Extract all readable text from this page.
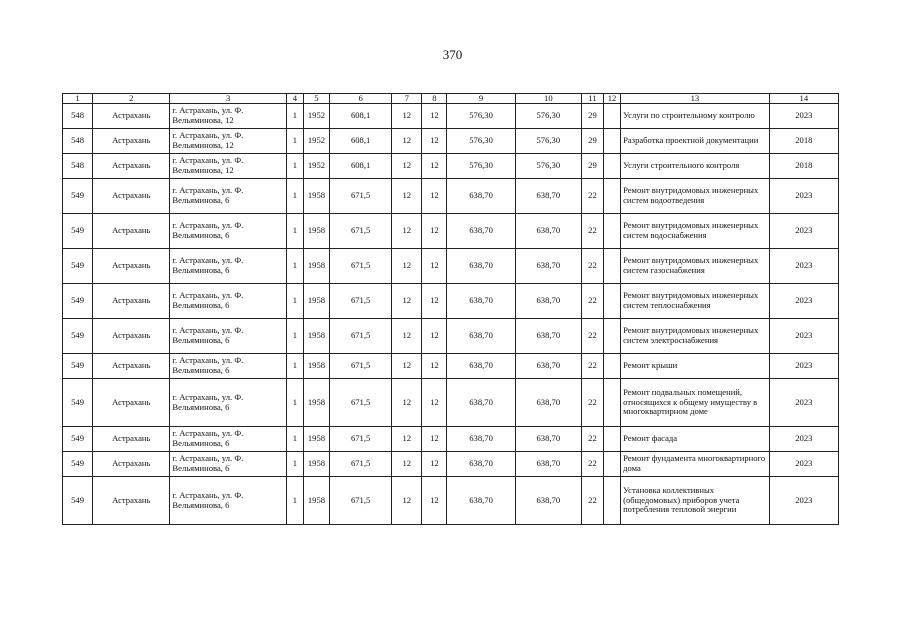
370
1	2	3	4	5	6	7	8	9	10	11	12	13	14
548	Астрахань	г. Астрахань, ул. Ф. Вельяминова, 12	1	1952	608,1	12	12	576,30	576,30	29		Услуги по строительному контролю	2023
548	Астрахань	г. Астрахань, ул. Ф. Вельяминова, 12	1	1952	608,1	12	12	576,30	576,30	29		Разработка проектной документации	2018
548	Астрахань	г. Астрахань, ул. Ф. Вельяминова, 12	1	1952	608,1	12	12	576,30	576,30	29		Услуги строительного контроля	2018
549	Астрахань	г. Астрахань, ул. Ф. Вельяминова, 6	1	1958	671,5	12	12	638,70	638,70	22		Ремонт внутридомовых инженерных систем водоотведения	2023
549	Астрахань	г. Астрахань, ул. Ф. Вельяминова, 6	1	1958	671,5	12	12	638,70	638,70	22		Ремонт внутридомовых инженерных систем водоснабжения	2023
549	Астрахань	г. Астрахань, ул. Ф. Вельяминова, 6	1	1958	671,5	12	12	638,70	638,70	22		Ремонт внутридомовых инженерных систем газоснабжения	2023
549	Астрахань	г. Астрахань, ул. Ф. Вельяминова, 6	1	1958	671,5	12	12	638,70	638,70	22		Ремонт внутридомовых инженерных систем теплоснабжения	2023
549	Астрахань	г. Астрахань, ул. Ф. Вельяминова, 6	1	1958	671,5	12	12	638,70	638,70	22		Ремонт внутридомовых инженерных систем электроснабжения	2023
549	Астрахань	г. Астрахань, ул. Ф. Вельяминова, 6	1	1958	671,5	12	12	638,70	638,70	22		Ремонт крыши	2023
549	Астрахань	г. Астрахань, ул. Ф. Вельяминова, 6	1	1958	671,5	12	12	638,70	638,70	22		Ремонт подвальных помещений, относящихся к общему имуществу в многоквартирном доме	2023
549	Астрахань	г. Астрахань, ул. Ф. Вельяминова, 6	1	1958	671,5	12	12	638,70	638,70	22		Ремонт фасада	2023
549	Астрахань	г. Астрахань, ул. Ф. Вельяминова, 6	1	1958	671,5	12	12	638,70	638,70	22		Ремонт фундамента многоквартирного дома	2023
549	Астрахань	г. Астрахань, ул. Ф. Вельяминова, 6	1	1958	671,5	12	12	638,70	638,70	22		Установка коллективных (общедомовых) приборов учета потребления тепловой энергии	2023
